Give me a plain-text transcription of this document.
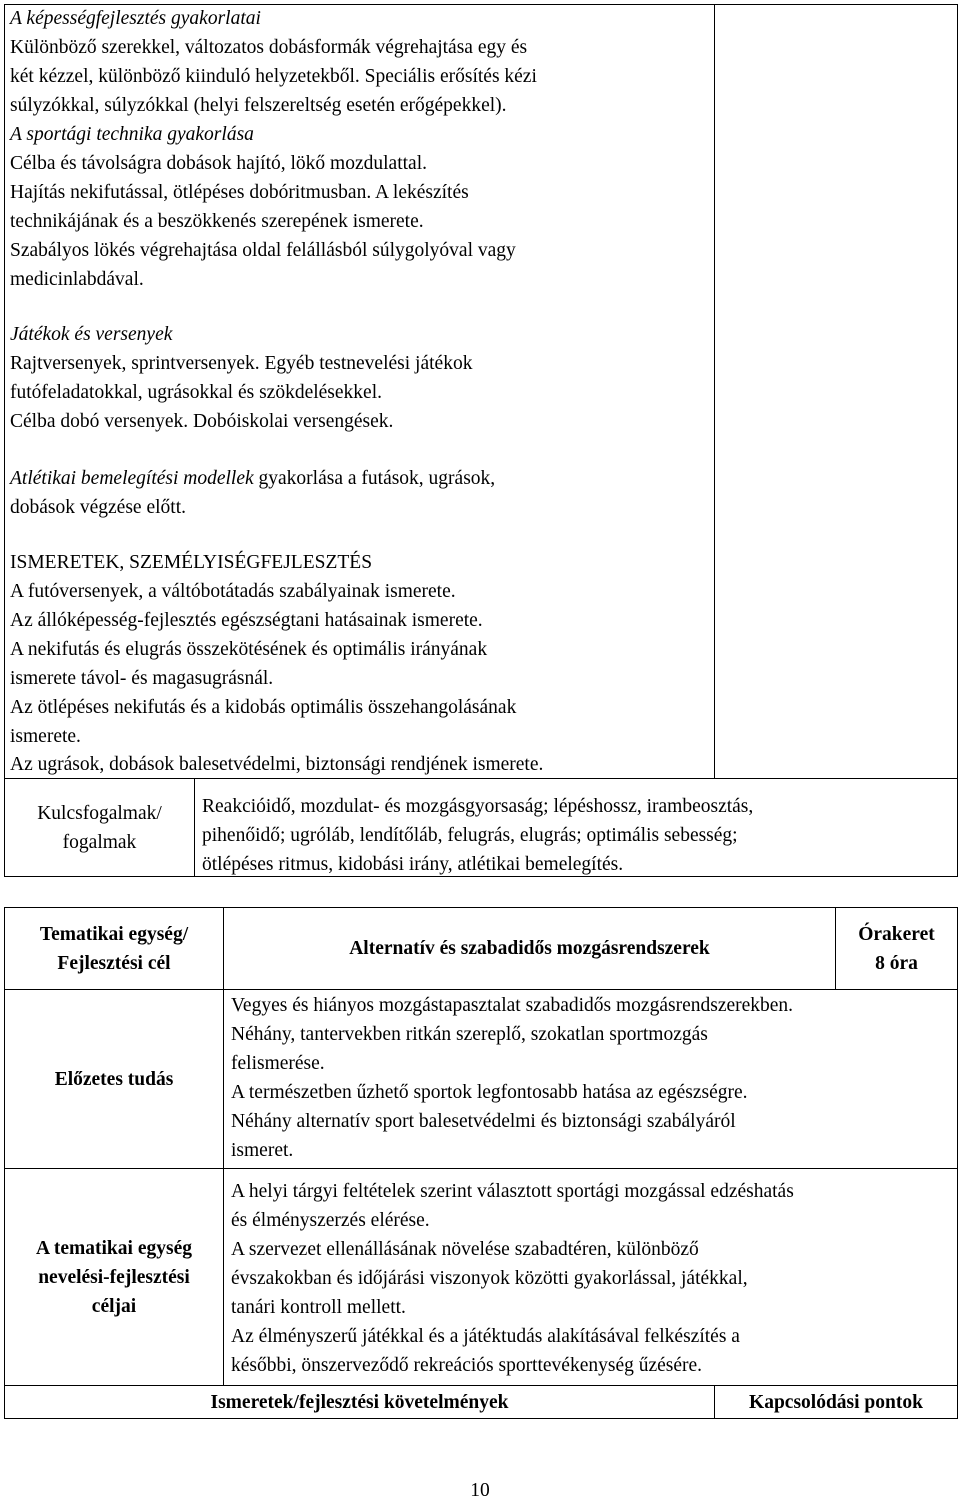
A képességfejlesztés gyakorlatai
Különböző szerekkel, változatos dobásformák végrehajtása egy és
két kézzel, különböző kiinduló helyzetekből. Speciális erősítés kézi
súlyzókkal, súlyzókkal (helyi felszereltség esetén erőgépekkel).
A sportági technika gyakorlása
Célba és távolságra dobások hajító, lökő mozdulattal.
Hajítás nekifutással, ötlépéses dobóritmusban. A lekészítés
technikájának és a beszökkenés szerepének ismerete.
Szabályos lökés végrehajtása oldal felállásból súlygolyóval vagy
medicinlabdával.
Játékok és versenyek
Rajtversenyek, sprintversenyek. Egyéb testnevelési játékok
futófeladatokkal, ugrásokkal és szökdelésekkel.
Célba dobó versenyek. Dobóiskolai versengések.
Atlétikai bemelegítési modellek gyakorlása a futások, ugrások,
dobások végzése előtt.
ISMERETEK, SZEMÉLYISÉGFEJLESZTÉS
A futóversenyek, a váltóbotátadás szabályainak ismerete.
Az állóképesség-fejlesztés egészségtani hatásainak ismerete.
A nekifutás és elugrás összekötésének és optimális irányának
ismerete távol- és magasugrásnál.
Az ötlépéses nekifutás és a kidobás optimális összehangolásának
ismerete.
Az ugrások, dobások balesetvédelmi, biztonsági rendjének ismerete.
Kulcsfogalmak/
fogalmak
Reakcióidő, mozdulat- és mozgásgyorsaság; lépéshossz, irambeosztás,
pihenőidő; ugróláb, lendítőláb, felugrás, elugrás; optimális sebesség;
ötlépéses ritmus, kidobási irány, atlétikai bemelegítés.
Tematikai egység/
Fejlesztési cél
Alternatív és szabadidős mozgásrendszerek
Órakeret
8 óra
Előzetes tudás
Vegyes és hiányos mozgástapasztalat szabadidős mozgásrendszerekben.
Néhány, tantervekben ritkán szereplő, szokatlan sportmozgás
felismerése.
A természetben űzhető sportok legfontosabb hatása az egészségre.
Néhány alternatív sport balesetvédelmi és biztonsági szabályáról
ismeret.
A tematikai egység
nevelési-fejlesztési
céljai
A helyi tárgyi feltételek szerint választott sportági mozgással edzéshatás
és élményszerzés elérése.
A szervezet ellenállásának növelése szabadtéren, különböző
évszakokban és időjárási viszonyok közötti gyakorlással, játékkal,
tanári kontroll mellett.
Az élményszerű játékkal és a játéktudás alakításával felkészítés a
későbbi, önszerveződő rekreációs sporttevékenység űzésére.
Ismeretek/fejlesztési követelmények	Kapcsolódási pontok
10
